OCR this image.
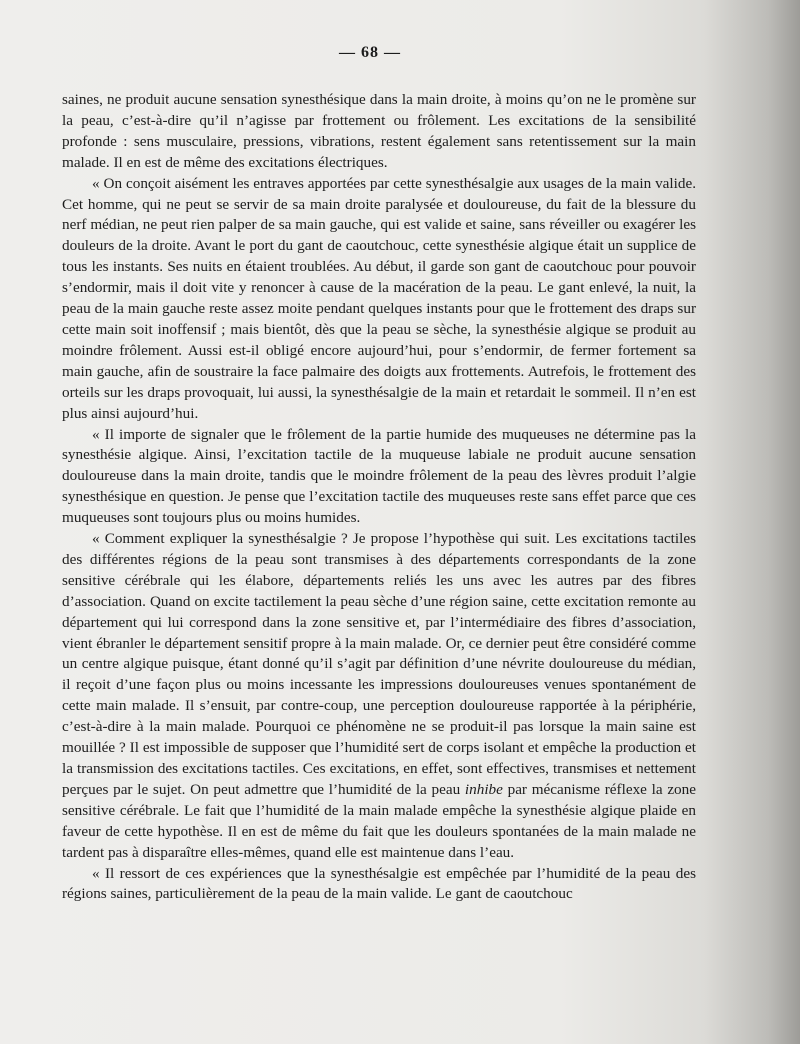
— 68 —

saines, ne produit aucune sensation synesthésique dans la main droite, à moins qu’on ne le promène sur la peau, c’est-à-dire qu’il n’agisse par frottement ou frôlement. Les excitations de la sensibilité profonde : sens musculaire, pressions, vibrations, restent également sans retentissement sur la main malade. Il en est de même des excitations électriques.

« On conçoit aisément les entraves apportées par cette synesthésalgie aux usages de la main valide. Cet homme, qui ne peut se servir de sa main droite paralysée et douloureuse, du fait de la blessure du nerf médian, ne peut rien palper de sa main gauche, qui est valide et saine, sans réveiller ou exagérer les douleurs de la droite. Avant le port du gant de caoutchouc, cette synesthésie algique était un supplice de tous les instants. Ses nuits en étaient troublées. Au début, il garde son gant de caoutchouc pour pouvoir s’endormir, mais il doit vite y renoncer à cause de la macération de la peau. Le gant enlevé, la nuit, la peau de la main gauche reste assez moite pendant quelques instants pour que le frottement des draps sur cette main soit inoffensif ; mais bientôt, dès que la peau se sèche, la synesthésie algique se produit au moindre frôlement. Aussi est-il obligé encore aujourd’hui, pour s’endormir, de fermer fortement sa main gauche, afin de soustraire la face palmaire des doigts aux frottements. Autrefois, le frottement des orteils sur les draps provoquait, lui aussi, la synesthésalgie de la main et retardait le sommeil. Il n’en est plus ainsi aujourd’hui.

« Il importe de signaler que le frôlement de la partie humide des muqueuses ne détermine pas la synesthésie algique. Ainsi, l’excitation tactile de la muqueuse labiale ne produit aucune sensation douloureuse dans la main droite, tandis que le moindre frôlement de la peau des lèvres produit l’algie synesthésique en question. Je pense que l’excitation tactile des muqueuses reste sans effet parce que ces muqueuses sont toujours plus ou moins humides.

« Comment expliquer la synesthésalgie ? Je propose l’hypothèse qui suit. Les excitations tactiles des différentes régions de la peau sont transmises à des départements correspondants de la zone sensitive cérébrale qui les élabore, départements reliés les uns avec les autres par des fibres d’association. Quand on excite tactilement la peau sèche d’une région saine, cette excitation remonte au département qui lui correspond dans la zone sensitive et, par l’intermédiaire des fibres d’association, vient ébranler le département sensitif propre à la main malade. Or, ce dernier peut être considéré comme un centre algique puisque, étant donné qu’il s’agit par définition d’une névrite douloureuse du médian, il reçoit d’une façon plus ou moins incessante les impressions douloureuses venues spontanément de cette main malade. Il s’ensuit, par contre-coup, une perception douloureuse rapportée à la périphérie, c’est-à-dire à la main malade. Pourquoi ce phénomène ne se produit-il pas lorsque la main saine est mouillée ? Il est impossible de supposer que l’humidité sert de corps isolant et empêche la production et la transmission des excitations tactiles. Ces excitations, en effet, sont effectives, transmises et nettement perçues par le sujet. On peut admettre que l’humidité de la peau inhibe par mécanisme réflexe la zone sensitive cérébrale. Le fait que l’humidité de la main malade empêche la synesthésie algique plaide en faveur de cette hypothèse. Il en est de même du fait que les douleurs spontanées de la main malade ne tardent pas à disparaître elles-mêmes, quand elle est maintenue dans l’eau.

« Il ressort de ces expériences que la synesthésalgie est empêchée par l’humidité de la peau des régions saines, particulièrement de la peau de la main valide. Le gant de caoutchouc
